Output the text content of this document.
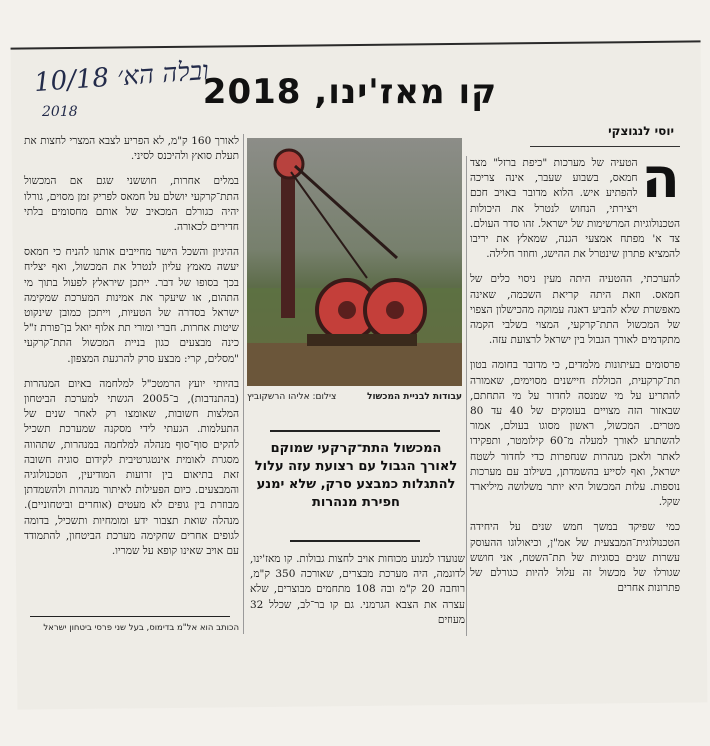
ובלה הא׳ 10/18
2018	קו מאז'ינו, 2018
יוסי לנגוצקי
ה

הטעיה של מערכות "כיפת ברזל" מצד חמאס, בשבוע שעבר, אינה צריכה להפתיע איש. הלוא מדובר באויב חכם ויצירתי, הנחוש לנטרל את היכולות הטכנולוגיות המרשימות של ישראל. זהו סדר העולם. צד א' מפתח אמצעי הגנה, שמאלץ את יריבו להמציא פתרון שינטרל את ההישג, וחוזר חלילה.

להערכתי, ההטעיה היתה מעין ניסוי כלים של חמאס. וזאת היתה קריאת השכמה, שאינה מאפשרת שלא להביע דאגה עמוקה מהכישלון הצפוי של המכשול התת־קרקעי, המצוי בשלבי הקמה מתקדמים לאורך הגבול בין ישראל לרצועת עזה.

פרסומים בעיתונות מלמדים, כי מדובר בחומה בטון תת־קרקעית, הכוללת חיישנים מסוימים, שאמורה להתריע על מי שמנסה לחדור על מי התחתם, שבאזור הזה מצויים בעומקים של 40 עד 80 מטרים. המכשול, ראשון מסוגו בעולם, אמור להשתרע לאורך למעלה מ־60 קילומטר, ותפקידו לאתר ולאכן מנהרות שנחפרות כדי לחדור לשטח ישראל, ואף לסייע בהשמדתן, בשילוב עם מערכות נוספות. עלות המכשול היא יותר משלושה מיליארד שקל.

כמי שפיקד במשך חמש שנים על היחידה הטכנולוגית־המבצעית של אמ"ן, וכיאולוגו ההעוסק עשרות שנים בסוגיות של תת־השטח, אני חושש שגורלו של מכשול זה עלול להיות כגורלם של פתרונות אחרים

עבודות לבניית המכשול
צילום: אליהו הרשקוביץ
המכשול התת־קרקעי שמוקם לאורך הגבול עם רצועת עזה עלול להתגלות כמבצע סרק, שלא ימנע חפירת מנהרות

שנועדו למנוע מכוחות אויב לחצות גבולות. קו מאז'ינו, לדוגמה, היה מערכת מבצרים, שאורכה 350 ק"מ, רוחבה 20 ק"מ ובה 108 מתחמים מבוצרים, שלא עצרה את הצבא הגרמני. גם קו בר־לב, שכלל 32 מעוזים

לאורך 160 ק"מ, לא הפריע לצבא המצרי לחצות את תעלת סואץ ולהיכנס לסיני.

במלים אחרות, חוששני שגם אם המכשול התת־קרקעי יושלם על חמאס לפריק זמן מסוים, גורלו יהיה כגורלם המכאיב של אותם מחסומים בלתי חדירים לכאורה.

ההיגיון והשכל הישר מחייבים אותנו להניח כי חמאס יעשה מאמץ עליון לנטרל את המכשול, ואף יצליח בכך בסופו של דבר. ייתכן שיראלץ לפעול בתוך מי התהום, או שיעקר את אמינות המערכת שמקימה ישראל בסדרה של הטעיות, וייתכן כמובן שינקוט שיטות אחרות. חברי ומורי תת אלוף יואל בן־פורת ז"ל כינה מבצעים כגון בניית המכשול התת־קרקעי "מסלים, קרי: מבצע סרק להרגעת המצפון.

בהיותי יועץ הרמטכ"ל למלחמה באיום המנהרות (בהתנדבות), ב־2005 הגשתי למערכת הביטחון המלצות חשובות, שאומצו רק לאחר שנים של התעלמות. הגעתי לידי מסקנה שמערכת תשכיל להקים סוף־סוף מנהלה למלחמה במנהרות, שתהווה מסגרת לאומית אינטגרטיבית לקידום סוגיה חשובה זאת בתיאום בין זרועות המודיעין, הטכנולוגיה והמבצעים. כיום הפעילות לאיתור מנהרות ולהשמדתן מבוזרת בין גופים לא מעטים (אוחרים וביטחוניים). מנהלה שואת תצבור ידע ומומחיות ותשכיל, בדומה לגופים אחרים שחקימה מערכת הביטחון, להתמודד עם אויב שאינו קופא על שמריו.

הכותב הוא אל"מ בדימוס, בעל שני פרסי ביטחון ישראל
